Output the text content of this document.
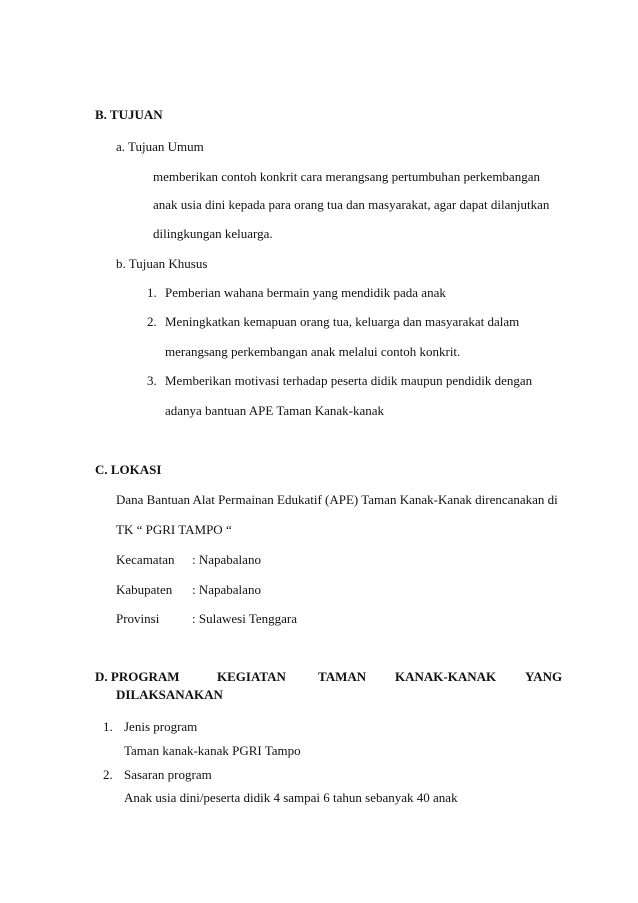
B. TUJUAN
a. Tujuan Umum
memberikan contoh konkrit cara merangsang pertumbuhan perkembangan
anak usia dini kepada para orang tua dan masyarakat, agar dapat dilanjutkan
dilingkungan keluarga.
b. Tujuan Khusus
1. Pemberian wahana bermain yang mendidik pada anak
2. Meningkatkan kemapuan orang tua, keluarga dan masyarakat dalam
merangsang perkembangan anak melalui contoh konkrit.
3. Memberikan motivasi terhadap peserta didik maupun pendidik dengan
adanya bantuan APE Taman Kanak-kanak
C. LOKASI
Dana Bantuan Alat Permainan Edukatif (APE) Taman Kanak-Kanak direncanakan di
TK “ PGRI TAMPO “
Kecamatan : Napabalano
Kabupaten : Napabalano
Provinsi	: Sulawesi Tenggara
D. PROGRAM	KEGIATAN TAMAN KANAK-KANAK YANG
DILAKSANAKAN
1. Jenis program
Taman kanak-kanak PGRI Tampo
2. Sasaran program
Anak usia dini/peserta didik 4 sampai 6 tahun sebanyak 40 anak
